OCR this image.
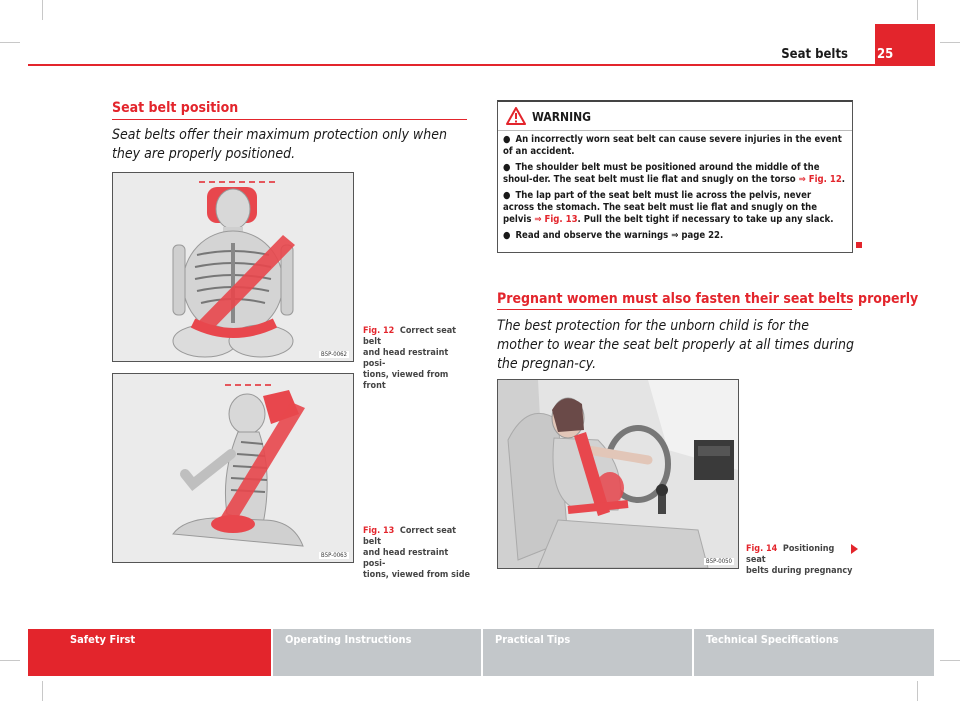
25
Seat belts
Seat belt position
Seat belts offer their maximum protection only when they are properly positioned.
B5P-0062
Fig. 12 Correct seat belt
and head restraint posi-
tions, viewed from front
B5P-0063
Fig. 13 Correct seat belt
and head restraint posi-
tions, viewed from side
WARNING
● An incorrectly worn seat belt can cause severe injuries in the event of an accident.
● The shoulder belt must be positioned around the middle of the shoul-der. The seat belt must lie flat and snugly on the torso ⇒ Fig. 12.
● The lap part of the seat belt must lie across the pelvis, never across the stomach. The seat belt must lie flat and snugly on the pelvis ⇒ Fig. 13. Pull the belt tight if necessary to take up any slack.
● Read and observe the warnings ⇒ page 22.
Pregnant women must also fasten their seat belts properly
The best protection for the unborn child is for the mother to wear the seat belt properly at all times during the pregnan-cy.
B5P-0050
Fig. 14 Positioning seat
belts during pregnancy
Safety First	Operating Instructions	Practical Tips	Technical Specifications
